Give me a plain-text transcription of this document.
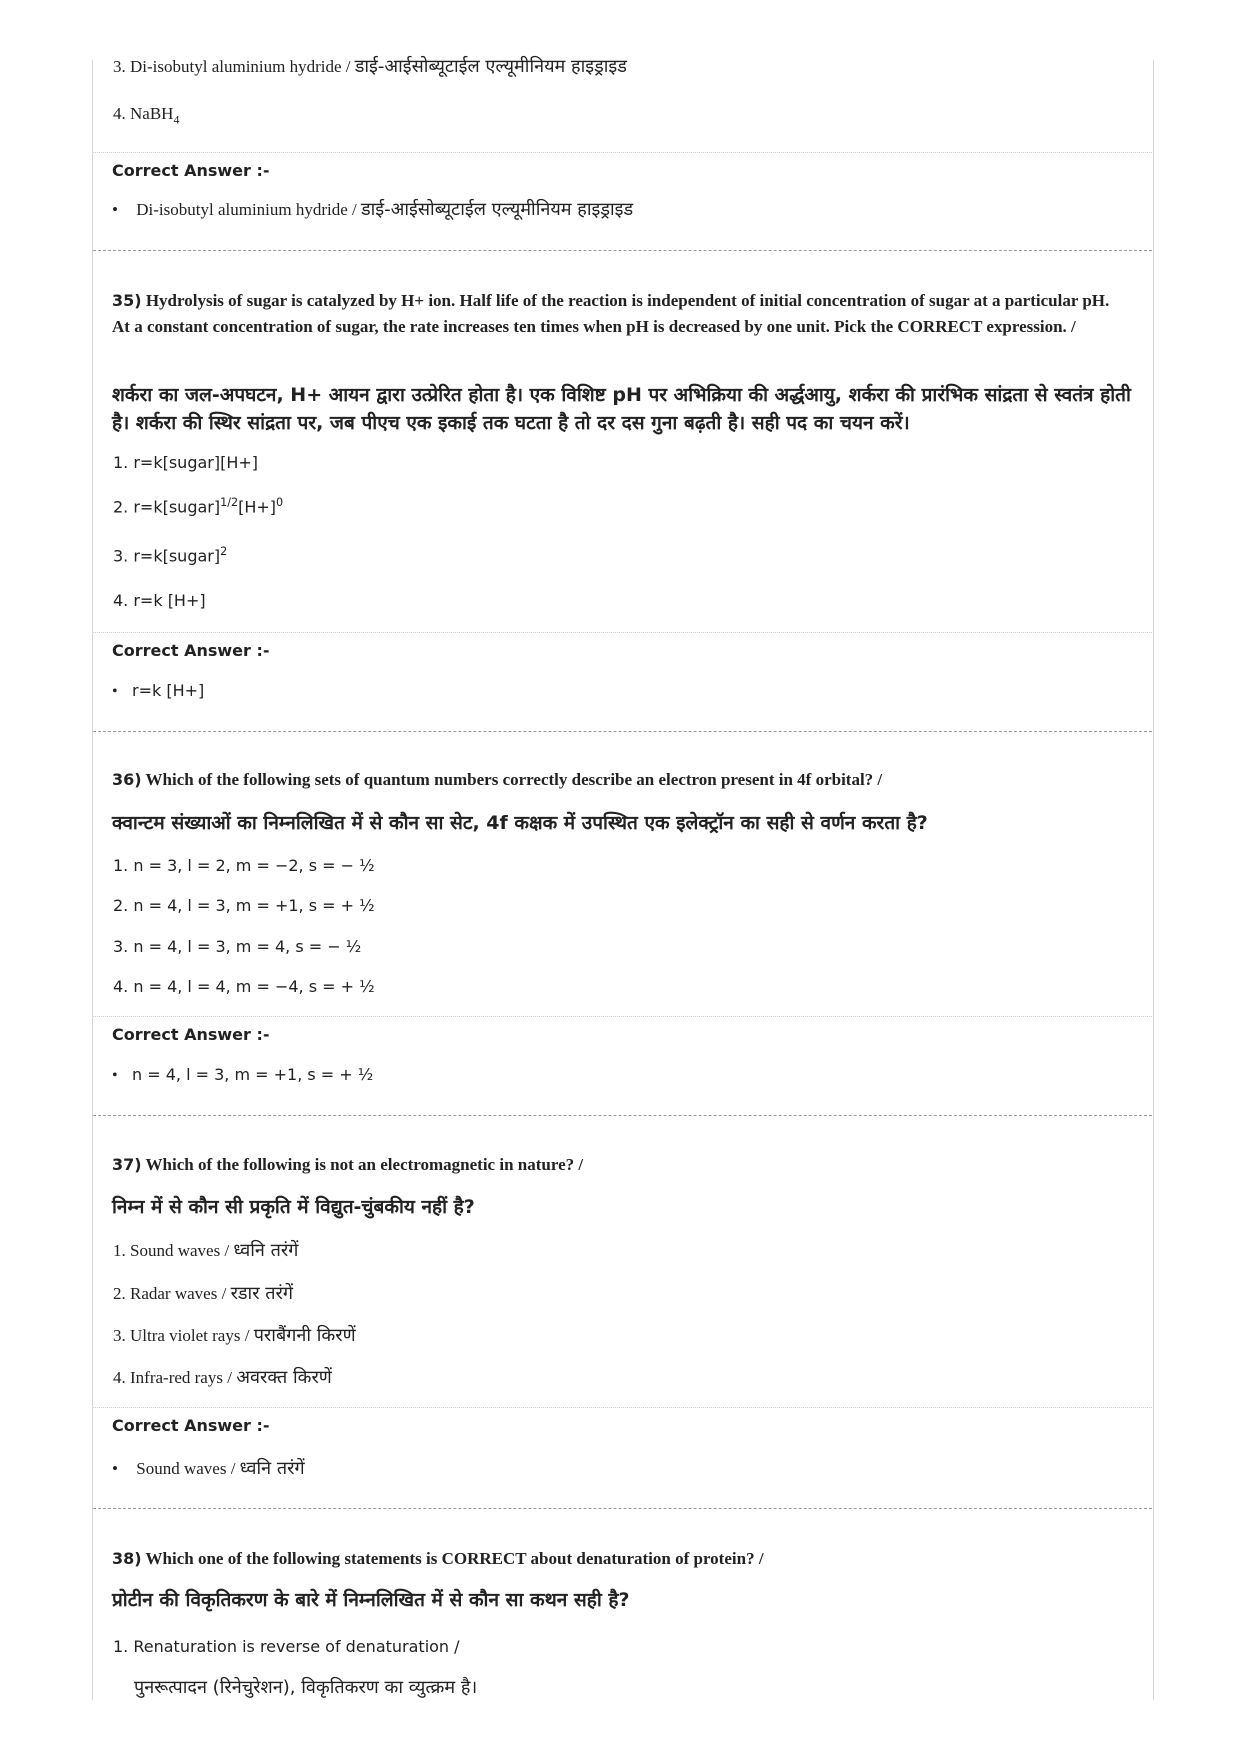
3. Di-isobutyl aluminium hydride / डाई-आईसोब्यूटाईल एल्यूमीनियम हाइड्राइड
4. NaBH$_4$
Correct Answer :-
• Di-isobutyl aluminium hydride / डाई-आईसोब्यूटाईल एल्यूमीनियम हाइड्राइड
35) Hydrolysis of sugar is catalyzed by H+ ion. Half life of the reaction is independent of initial concentration of sugar at a particular pH. At a constant concentration of sugar, the rate increases ten times when pH is decreased by one unit. Pick the CORRECT expression. /
शर्करा का जल-अपघटन, H+ आयन द्वारा उत्प्रेरित होता है। एक विशिष्ट pH पर अभिक्रिया की अर्द्धआयु, शर्करा की प्रारंभिक सांद्रता से स्वतंत्र होती है। शर्करा की स्थिर सांद्रता पर, जब पीएच एक इकाई तक घटता है तो दर दस गुना बढ़ती है। सही पद का चयन करें।
1. r=k[sugar][H+]
2. $r=k[sugar]^{1/2}[H+]^0$
3. r=k[sugar]$^2$
4. r=k [H+]
Correct Answer :-
• r=k [H+]
36) Which of the following sets of quantum numbers correctly describe an electron present in 4f orbital? /
क्वान्टम संख्याओं का निम्नलिखित में से कौन सा सेट, 4f कक्षक में उपस्थित एक इलेक्ट्रॉन का सही से वर्णन करता है?
1. n = 3, l = 2, m = −2, s = − ½
2. n = 4, l = 3, m = +1, s = + ½
3. n = 4, l = 3, m = 4, s = − ½
4. n = 4, l = 4, m = −4, s = + ½
Correct Answer :-
• n = 4, l = 3, m = +1, s = + ½
37) Which of the following is not an electromagnetic in nature? /
निम्न में से कौन सी प्रकृति में विद्युत-चुंबकीय नहीं है?
1. Sound waves / ध्वनि तरंगें
2. Radar waves / रडार तरंगें
3. Ultra violet rays / पराबैंगनी किरणें
4. Infra-red rays / अवरक्त किरणें
Correct Answer :-
• Sound waves / ध्वनि तरंगें
38) Which one of the following statements is CORRECT about denaturation of protein? /
प्रोटीन की विकृतिकरण के बारे में निम्नलिखित में से कौन सा कथन सही है?
1. Renaturation is reverse of denaturation /
पुनरूत्पादन (रिनेचुरेशन), विकृतिकरण का व्युत्क्रम है।
